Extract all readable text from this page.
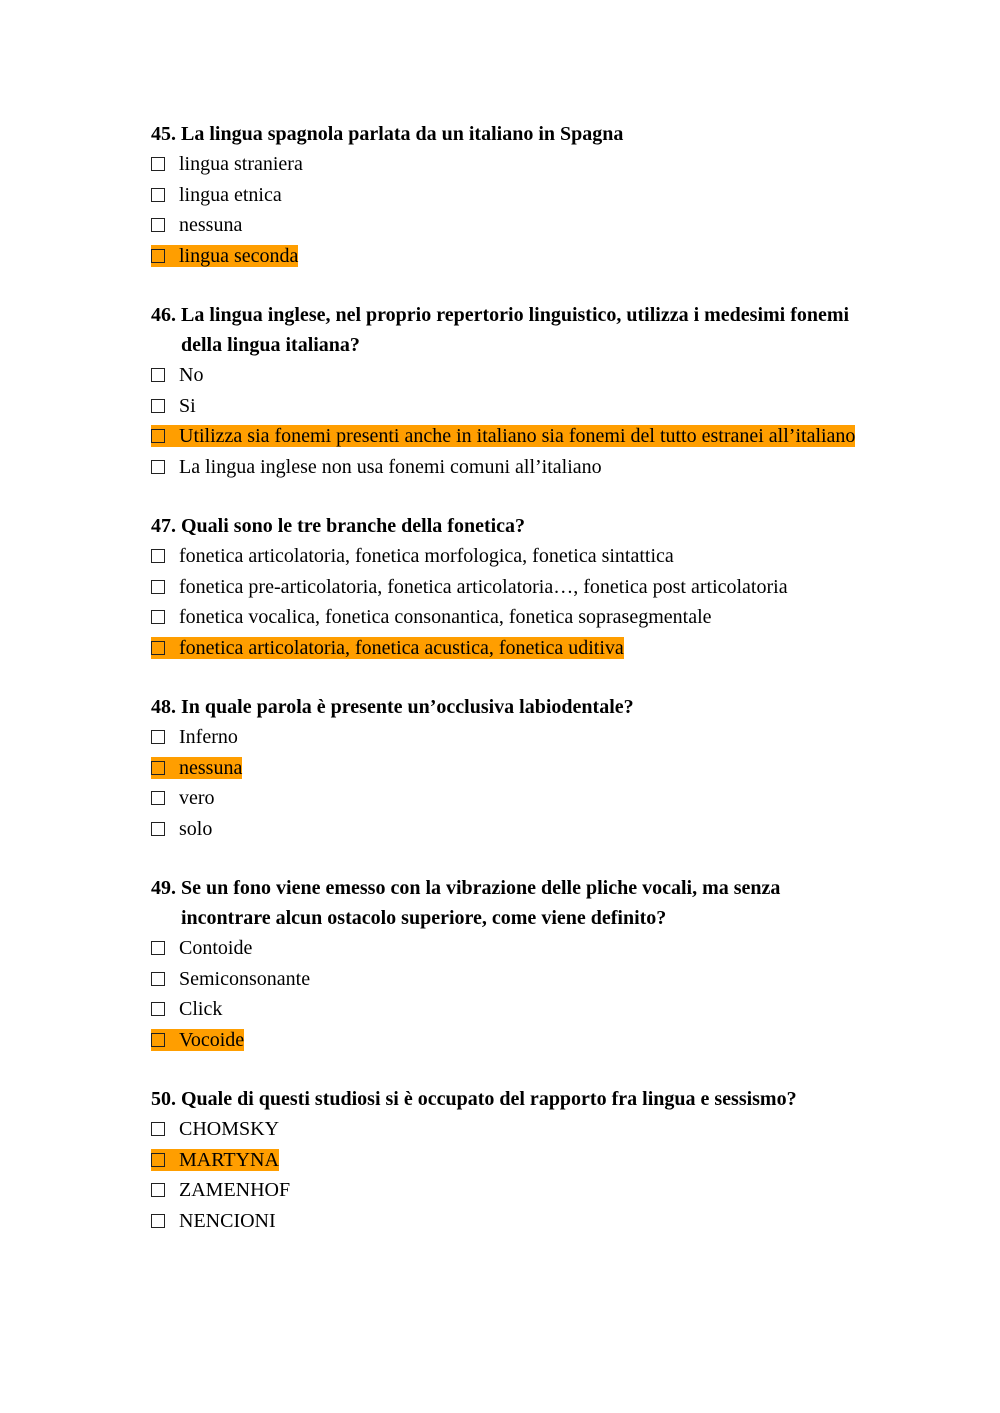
45. La lingua spagnola parlata da un italiano in Spagna
lingua straniera
lingua etnica
nessuna
lingua seconda
46. La lingua inglese, nel proprio repertorio linguistico, utilizza i medesimi fonemi della lingua italiana?
No
Si
Utilizza sia fonemi presenti anche in italiano sia fonemi del tutto estranei all’italiano
La lingua inglese non usa fonemi comuni all’italiano
47. Quali sono le tre branche della fonetica?
fonetica articolatoria, fonetica morfologica, fonetica sintattica
fonetica pre-articolatoria, fonetica articolatoria…, fonetica post articolatoria
fonetica vocalica, fonetica consonantica, fonetica soprasegmentale
fonetica articolatoria, fonetica acustica, fonetica uditiva
48. In quale parola è presente un’occlusiva labiodentale?
Inferno
nessuna
vero
solo
49. Se un fono viene emesso con la vibrazione delle pliche vocali, ma senza incontrare alcun ostacolo superiore, come viene definito?
Contoide
Semiconsonante
Click
Vocoide
50. Quale di questi studiosi si è occupato del rapporto fra lingua e sessismo?
CHOMSKY
MARTYNA
ZAMENHOF
NENCIONI
